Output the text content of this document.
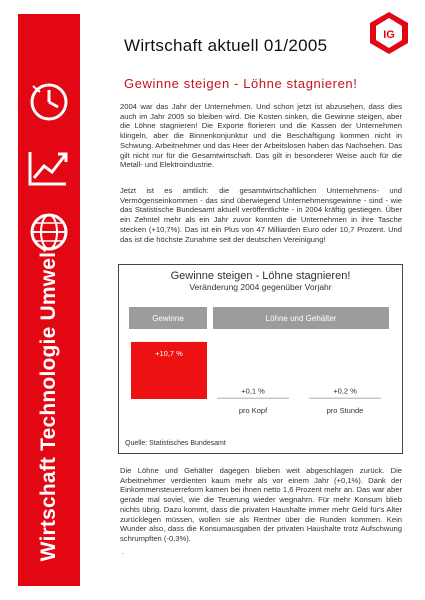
Wirtschaft Technologie Umwelt
IG
Wirtschaft aktuell 01/2005
Gewinne steigen - Löhne stagnieren!
2004 war das Jahr der Unternehmen. Und schon jetzt ist abzusehen, dass dies auch im Jahr 2005 so bleiben wird. Die Kosten sinken, die Gewinne steigen, aber die Löhne stagnieren! Die Exporte florieren und die Kassen der Unternehmen klingeln, aber die Binnenkonjunktur und die Beschäftigung kommen nicht in Schwung. Arbeitnehmer und das Heer der Arbeitslosen haben das Nachsehen. Das gilt nicht nur für die Gesamtwirtschaft. Das gilt in besonderer Weise auch für die Metall- und Elektroindustrie.
Jetzt ist es amtlich: die gesamtwirtschaftlichen Unternehmens- und Vermögenseinkommen - das sind überwiegend Unternehmensgewinne - sind - wie das Statistische Bundesamt aktuell veröffentlichte - in 2004 kräftig gestiegen. Über ein Zehntel mehr als ein Jahr zuvor konnten die Unternehmen in ihre Tasche stecken (+10,7%). Das ist ein Plus von 47 Milliarden Euro oder 10,7 Prozent. Und das ist die höchste Zunahme seit der deutschen Vereinigung!
Gewinne steigen - Löhne stagnieren!
Veränderung 2004 gegenüber Vorjahr
Gewinne	Löhne und Gehälter
+10,7 %
+0,1 %
pro Kopf
+0,2 %
pro Stunde
Quelle: Statistisches Bundesamt
Die Löhne und Gehälter dagegen blieben weit abgeschlagen zurück. Die Arbeitnehmer verdienten kaum mehr als vor einem Jahr (+0,1%). Dank der Einkommensteuerreform kamen bei ihnen netto 1,6 Prozent mehr an. Das war aber gerade mal soviel, wie die Teuerung wieder wegnahm. Für mehr Konsum blieb nichts übrig. Dazu kommt, dass die privaten Haushalte immer mehr Geld für's Alter zurücklegen müssen, wollen sie als Rentner über die Runden kommen. Kein Wunder also, dass die Konsumausgaben der privaten Haushalte trotz Aufschwung schrumpften (-0,3%).
.
